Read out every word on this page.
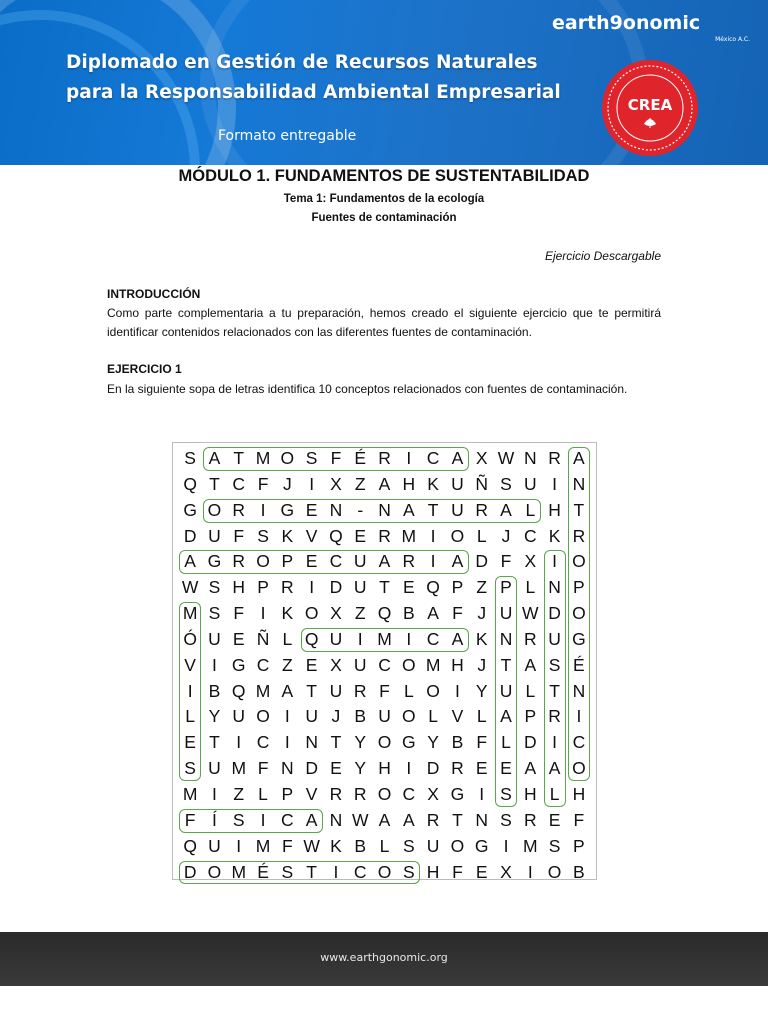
earth9onomic
México A.C.
Diplomado en Gestión de Recursos Naturales
para la Responsabilidad Ambiental Empresarial
Formato entregable
CREA
MÓDULO 1. FUNDAMENTOS DE SUSTENTABILIDAD
Tema 1: Fundamentos de la ecología
Fuentes de contaminación
Ejercicio Descargable
INTRODUCCIÓN
Como parte complementaria a tu preparación, hemos creado el siguiente ejercicio que te permitirá identificar contenidos relacionados con las diferentes fuentes de contaminación.
EJERCICIO 1
En la siguiente sopa de letras identifica 10 conceptos relacionados con fuentes de contaminación.
S A T M O S F É R I C A X W N R A
Q T C F J I X Z A H K U Ñ S U I N
G O R I G E N - N A T U R A L H T
D U F S K V Q E R M I O L J C K R
A G R O P E C U A R I A D F X I O
W S H P R I D U T E Q P Z P L N P
M S F I K O X Z Q B A F J U W D O
Ó U E Ñ L Q U I M I C A K N R U G
V I G C Z E X U C O M H J T A S É
I B Q M A T U R F L O I Y U L T N
L Y U O I U J B U O L V L A P R I
E T I C I N T Y O G Y B F L D I C
S U M F N D E Y H I D R E E A A O
M I Z L P V R R O C X G I S H L H
F Í S I C A N W A A R T N S R E F
Q U I M F W K B L S U O G I M S P
D O M É S T I C O S H F E X I O B
www.earthgonomic.org
